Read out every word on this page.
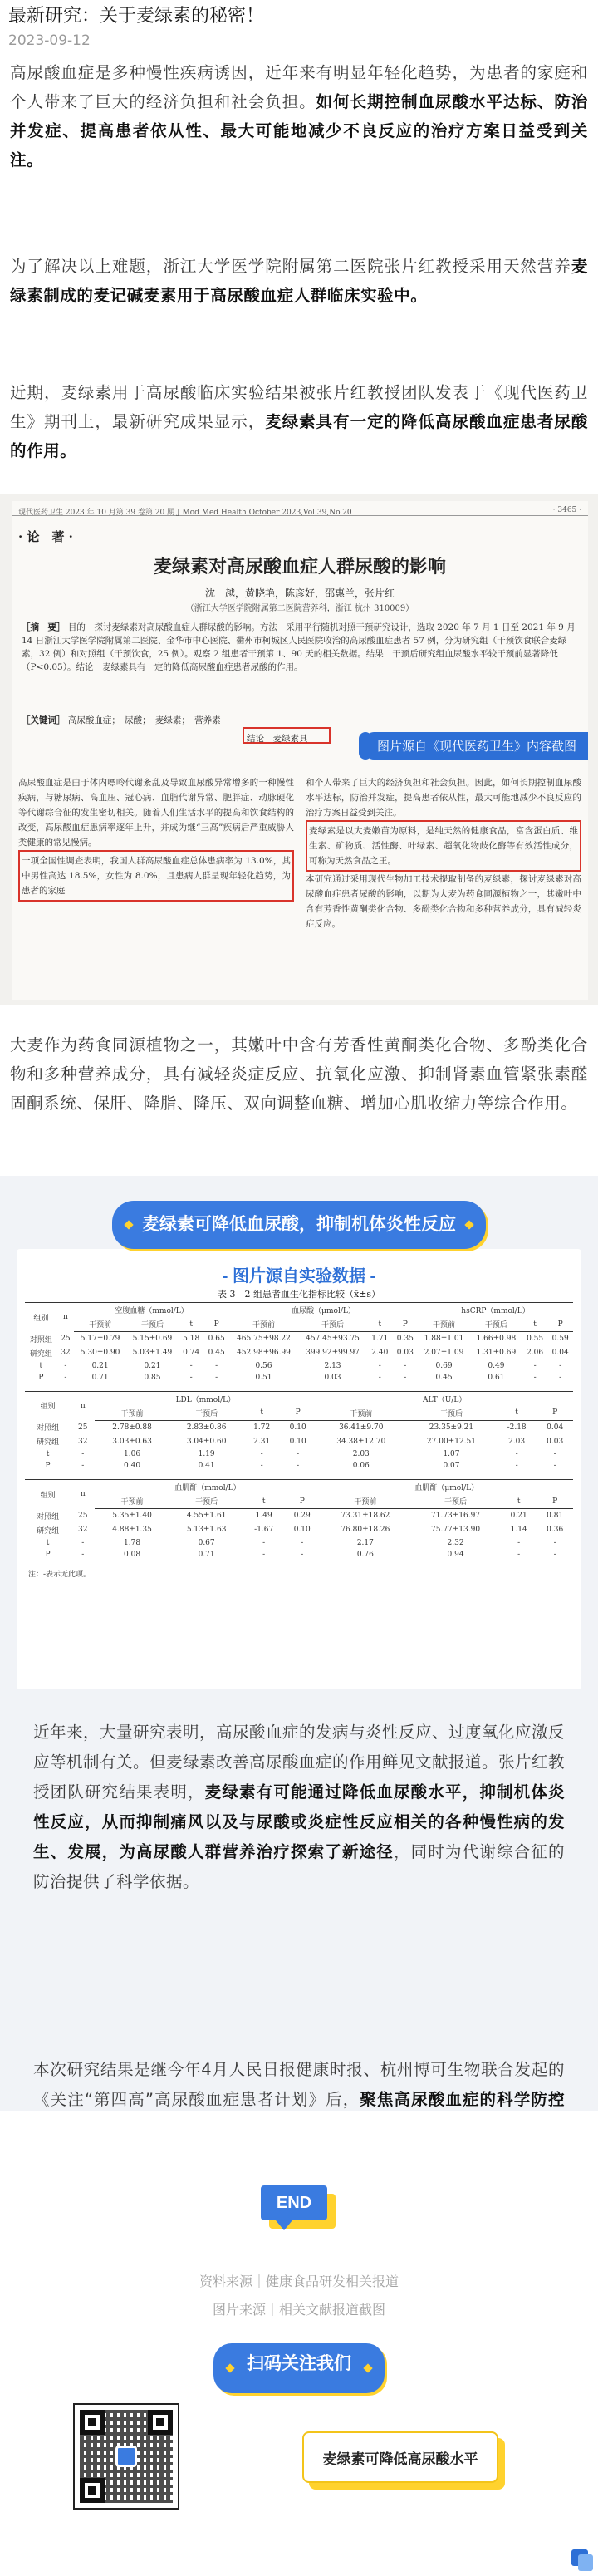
最新研究：关于麦绿素的秘密！
2023-09-12
高尿酸血症是多种慢性疾病诱因，近年来有明显年轻化趋势，为患者的家庭和个人带来了巨大的经济负担和社会负担。如何长期控制血尿酸水平达标、防治并发症、提高患者依从性、最大可能地减少不良反应的治疗方案日益受到关注。
为了解决以上难题，浙江大学医学院附属第二医院张片红教授采用天然营养麦绿素制成的麦记碱麦素用于高尿酸血症人群临床实验中。
近期，麦绿素用于高尿酸临床实验结果被张片红教授团队发表于《现代医药卫生》期刊上，最新研究成果显示，麦绿素具有一定的降低高尿酸血症患者尿酸的作用。
现代医药卫生 2023 年 10 月第 39 卷第 20 期 J Mod Med Health October 2023,Vol.39,No.20	· 3465 ·
· 论　著 ·
麦绿素对高尿酸血症人群尿酸的影响
沈　越，黄晓艳，陈彦好，邵惠兰，张片红
（浙江大学医学院附属第二医院营养科，浙江 杭州 310009）
［摘　要］ 目的　探讨麦绿素对高尿酸血症人群尿酸的影响。方法　采用平行随机对照干预研究设计，选取 2020 年 7 月 1 日至 2021 年 9 月 14 日浙江大学医学院附属第二医院、金华市中心医院、衢州市柯城区人民医院收治的高尿酸血症患者 57 例，分为研究组（干预饮食联合麦绿素，32 例）和对照组（干预饮食，25 例）。观察 2 组患者干预第 1、90 天的相关数据。结果　干预后研究组血尿酸水平较干预前显著降低（P<0.05）。结论　麦绿素具有一定的降低高尿酸血症患者尿酸的作用。
［关键词］ 高尿酸血症；　尿酸；　麦绿素；　营养素
结论　麦绿素具
图片源自《现代医药卫生》内容截图
高尿酸血症是由于体内嘌呤代谢紊乱及导致血尿酸异常增多的一种慢性疾病，与糖尿病、高血压、冠心病、血脂代谢异常、肥胖症、动脉硬化等代谢综合征的发生密切相关。随着人们生活水平的提高和饮食结构的改变，高尿酸血症患病率逐年上升，并成为继“三高”疾病后严重威胁人类健康的常见慢病。
一项全国性调查表明，我国人群高尿酸血症总体患病率为 13.0%，其中男性高达 18.5%，女性为 8.0%，且患病人群呈现年轻化趋势，为患者的家庭
和个人带来了巨大的经济负担和社会负担。因此，如何长期控制血尿酸水平达标，防治并发症，提高患者依从性，最大可能地减少不良反应的治疗方案日益受到关注。
麦绿素是以大麦嫩苗为原料，是纯天然的健康食品，富含蛋白质、维生素、矿物质、活性酶、叶绿素、超氧化物歧化酶等有效活性成分，可称为天然食品之王。
本研究通过采用现代生物加工技术提取制备的麦绿素，探讨麦绿素对高尿酸血症患者尿酸的影响，以期为大麦为药食同源植物之一，其嫩叶中含有芳香性黄酮类化合物、多酚类化合物和多种营养成分，具有减轻炎症反应。
大麦作为药食同源植物之一，其嫩叶中含有芳香性黄酮类化合物、多酚类化合物和多种营养成分，具有减轻炎症反应、抗氧化应激、抑制肾素血管紧张素醛固酮系统、保肝、降脂、降压、双向调整血糖、增加心肌收缩力等综合作用。
麦绿素可降低血尿酸，抑制机体炎性反应
- 图片源自实验数据 -
表 3　2 组患者血生化指标比较（x̄±s）
组别	n	空腹血糖（mmol/L）				血尿酸（μmol/L）				hsCRP（mmol/L）			
		干预前	干预后	t	P	干预前	干预后	t	P	干预前	干预后	t	P
对照组	25	5.17±0.79	5.15±0.69	5.18	0.65	465.75±98.22	457.45±93.75	1.71	0.35	1.88±1.01	1.66±0.98	0.55	0.59
研究组	32	5.30±0.90	5.03±1.49	0.74	0.45	452.98±96.99	399.92±99.97	2.40	0.03	2.07±1.09	1.31±0.69	2.06	0.04
t	-	0.21	0.21	-	-	0.56	2.13	-	-	0.69	0.49	-	-
P	-	0.71	0.85	-	-	0.51	0.03	-	-	0.45	0.61	-	-
组别	n	LDL（mmol/L）				ALT（U/L）			
		干预前	干预后	t	P	干预前	干预后	t	P
对照组	25	2.78±0.88	2.83±0.86	1.72	0.10	36.41±9.70	23.35±9.21	-2.18	0.04
研究组	32	3.03±0.63	3.04±0.60	2.31	0.10	34.38±12.70	27.00±12.51	2.03	0.03
t	-	1.06	1.19	-	-	2.03	1.07	-	-
P	-	0.40	0.41	-	-	0.06	0.07	-	-
组别	n	血肌酐（mmol/L）				血肌酐（μmol/L）			
		干预前	干预后	t	P	干预前	干预后	t	P
对照组	25	5.35±1.40	4.55±1.61	1.49	0.29	73.31±18.62	71.73±16.97	0.21	0.81
研究组	32	4.88±1.35	5.13±1.63	-1.67	0.10	76.80±18.26	75.77±13.90	1.14	0.36
t	-	1.78	0.67	-	-	2.17	2.32	-	-
P	-	0.08	0.71	-	-	0.76	0.94	-	-
注：-表示无此项。
近年来，大量研究表明，高尿酸血症的发病与炎性反应、过度氧化应激反应等机制有关。但麦绿素改善高尿酸血症的作用鲜见文献报道。张片红教授团队研究结果表明，麦绿素有可能通过降低血尿酸水平，抑制机体炎性反应，从而抑制痛风以及与尿酸或炎症性反应相关的各种慢性病的发生、发展，为高尿酸人群营养治疗探索了新途径，同时为代谢综合征的防治提供了科学依据。
本次研究结果是继今年4月人民日报健康时报、杭州博可生物联合发起的《关注“第四高”高尿酸血症患者计划》后，聚焦高尿酸血症的科学防控
END
资料来源｜健康食品研发相关报道
图片来源｜相关文献报道截图
扫码关注我们
麦绿素可降低高尿酸水平
